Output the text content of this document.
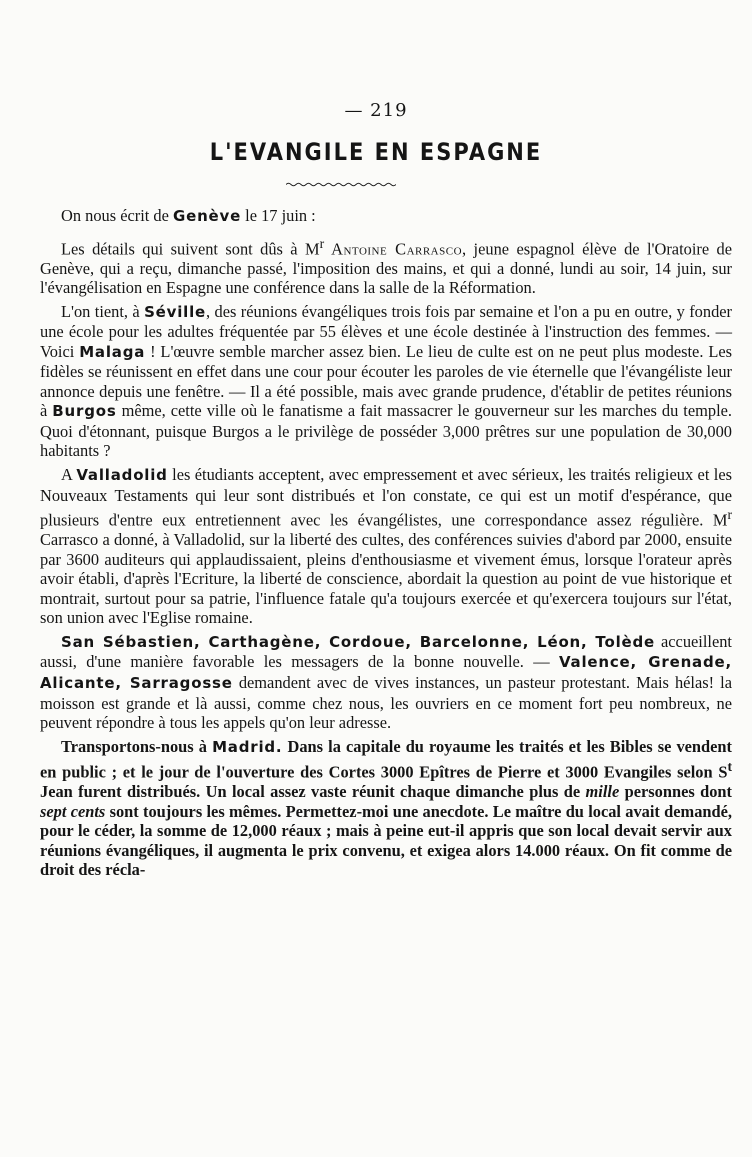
— 219
L'EVANGILE EN ESPAGNE

On nous écrit de Genève le 17 juin :

Les détails qui suivent sont dûs à $M^r$ Antoine Carrasco, jeune espagnol élève de l'Oratoire de Genève, qui a reçu, dimanche passé, l'imposition des mains, et qui a donné, lundi au soir, 14 juin, sur l'évangélisation en Espagne une conférence dans la salle de la Réformation.

L'on tient, à Séville, des réunions évangéliques trois fois par semaine et l'on a pu en outre, y fonder une école pour les adultes fréquentée par 55 élèves et une école destinée à l'instruction des femmes. — Voici Malaga ! L'œuvre semble marcher assez bien. Le lieu de culte est on ne peut plus modeste. Les fidèles se réunissent en effet dans une cour pour écouter les paroles de vie éternelle que l'évangéliste leur annonce depuis une fenêtre. — Il a été possible, mais avec grande prudence, d'établir de petites réunions à Burgos même, cette ville où le fanatisme a fait massacrer le gouverneur sur les marches du temple. Quoi d'étonnant, puisque Burgos a le privilège de posséder 3,000 prêtres sur une population de 30,000 habitants ?

A Valladolid les étudiants acceptent, avec empressement et avec sérieux, les traités religieux et les Nouveaux Testaments qui leur sont distribués et l'on constate, ce qui est un motif d'espérance, que plusieurs d'entre eux entretiennent avec les évangélistes, une correspondance assez régulière. $M^r$ Carrasco a donné, à Valladolid, sur la liberté des cultes, des conférences suivies d'abord par 2000, ensuite par 3600 auditeurs qui applaudissaient, pleins d'enthousiasme et vivement émus, lorsque l'orateur après avoir établi, d'après l'Ecriture, la liberté de conscience, abordait la question au point de vue historique et montrait, surtout pour sa patrie, l'influence fatale qu'a toujours exercée et qu'exercera toujours sur l'état, son union avec l'Eglise romaine.

San Sébastien, Carthagène, Cordoue, Barcelonne, Léon, Tolède accueillent aussi, d'une manière favorable les messagers de la bonne nouvelle. — Valence, Grenade, Alicante, Sarragosse demandent avec de vives instances, un pasteur protestant. Mais hélas! la moisson est grande et là aussi, comme chez nous, les ouvriers en ce moment fort peu nombreux, ne peuvent répondre à tous les appels qu'on leur adresse.

Transportons-nous à Madrid. Dans la capitale du royaume les traités et les Bibles se vendent en public ; et le jour de l'ouverture des Cortes 3000 Epîtres de Pierre et 3000 Evangiles selon $S^t$ Jean furent distribués. Un local assez vaste réunit chaque dimanche plus de mille personnes dont sept cents sont toujours les mêmes. Permettez-moi une anecdote. Le maître du local avait demandé, pour le céder, la somme de 12,000 réaux ; mais à peine eut-il appris que son local devait servir aux réunions évangéliques, il augmenta le prix convenu, et exigea alors 14.000 réaux. On fit comme de droit des récla-
